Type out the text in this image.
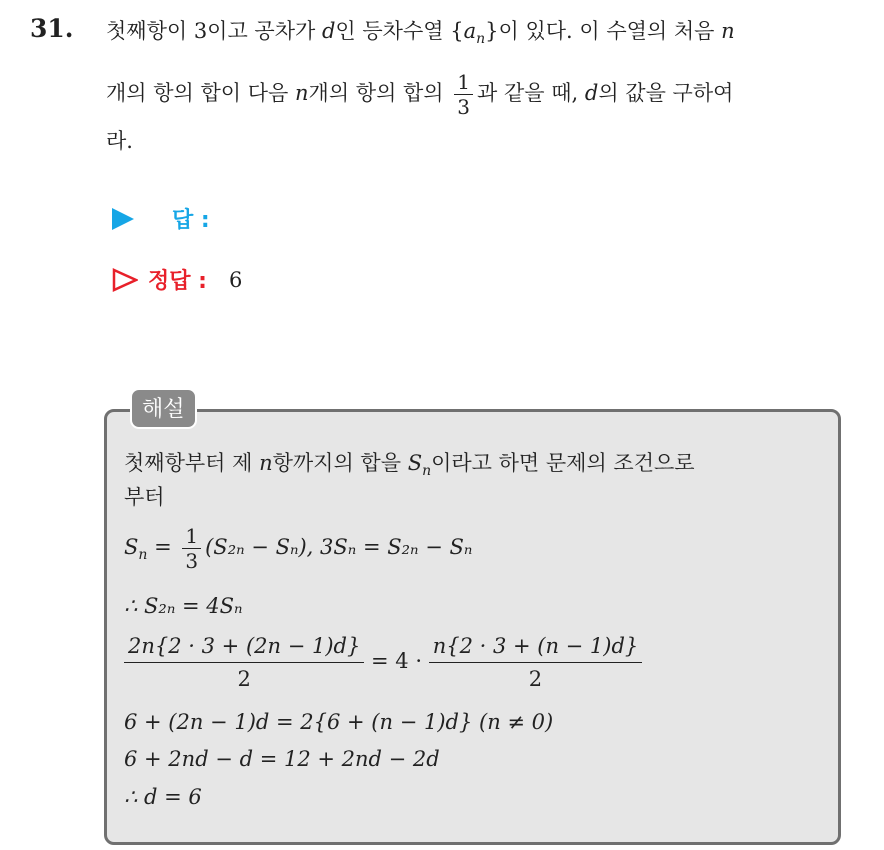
31. 첫째항이 3이고 공차가 d인 등차수열 $\{a_n\}$이 있다. 이 수열의 처음 n
개의 항의 합이 다음 n개의 항의 합의 $\frac{1}{3}$ 과 같을 때, d의 값을 구하여
라.
답 :
정답 : 6
해설
첫째항부터 제 n항까지의 합을 $S_n$이라고 하면 문제의 조건으로
부터
$S_n = \frac{1}{3} (S_{2n} - S_n)$, 3Sₙ = S₂ₙ − Sₙ
∴ S₂ₙ = 4Sₙ
$\frac{2n\{2 \cdot 3 + (2n - 1)d\}}{2} = 4 \cdot \frac{n\{2 \cdot 3 + (n - 1)d\}}{2}$
6 + (2n − 1)d = 2{6 + (n − 1)d} (n ≠ 0)
6 + 2nd − d = 12 + 2nd − 2d
∴ d = 6
